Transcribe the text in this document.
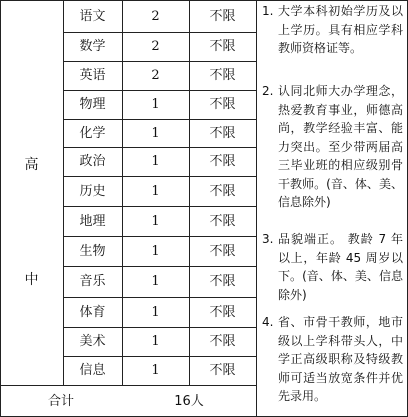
高
中
语文	2	不限
数学	2	不限
英语	2	不限
物理	1	不限
化学	1	不限
政治	1	不限
历史	1	不限
地理	1	不限
生物	1	不限
音乐	1	不限
体育	1	不限
美术	1	不限
信息	1	不限
合计	16人
1. 大学本科初始学历及以上学历。具有相应学科教师资格证等。
2. 认同北师大办学理念，热爱教育事业，师德高尚，教学经验丰富、能力突出。至少带两届高三毕业班的相应级别骨干教师。(音、体、美、信息除外)
3. 品貌端正。 教龄 7 年以上，年龄 45 周岁以下。(音、体、美、信息除外)
4. 省、市骨干教师，地市级以上学科带头人，中学正高级职称及特级教师可适当放宽条件并优先录用。
